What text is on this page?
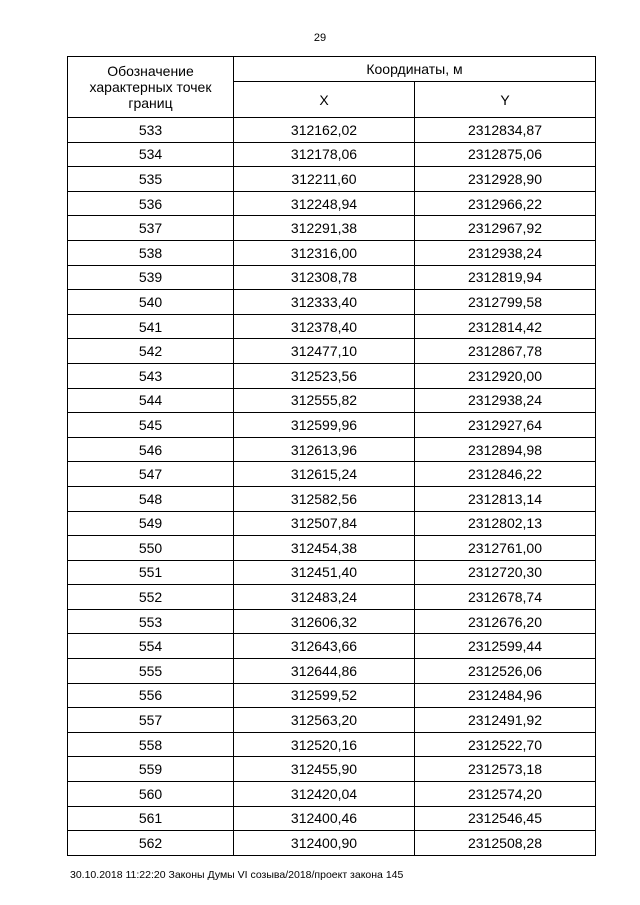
29
Обозначение характерных точек границ	Координаты, м	
	X	Y
533	312162,02	2312834,87
534	312178,06	2312875,06
535	312211,60	2312928,90
536	312248,94	2312966,22
537	312291,38	2312967,92
538	312316,00	2312938,24
539	312308,78	2312819,94
540	312333,40	2312799,58
541	312378,40	2312814,42
542	312477,10	2312867,78
543	312523,56	2312920,00
544	312555,82	2312938,24
545	312599,96	2312927,64
546	312613,96	2312894,98
547	312615,24	2312846,22
548	312582,56	2312813,14
549	312507,84	2312802,13
550	312454,38	2312761,00
551	312451,40	2312720,30
552	312483,24	2312678,74
553	312606,32	2312676,20
554	312643,66	2312599,44
555	312644,86	2312526,06
556	312599,52	2312484,96
557	312563,20	2312491,92
558	312520,16	2312522,70
559	312455,90	2312573,18
560	312420,04	2312574,20
561	312400,46	2312546,45
562	312400,90	2312508,28
30.10.2018 11:22:20 Законы Думы VI созыва/2018/проект закона 145
